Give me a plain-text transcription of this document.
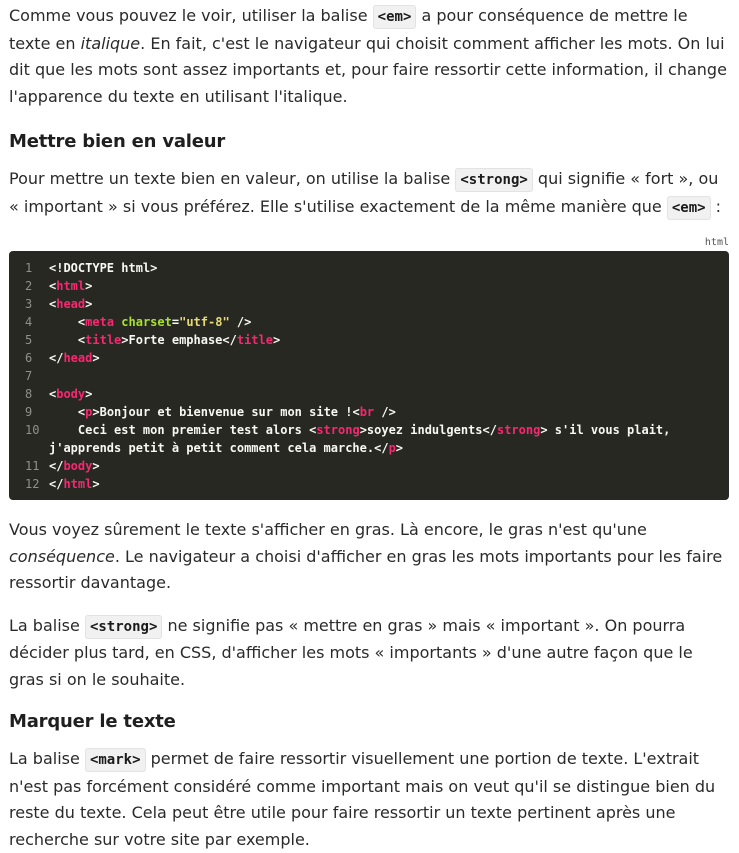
Comme vous pouvez le voir, utiliser la balise <em> a pour conséquence de mettre le texte en italique. En fait, c'est le navigateur qui choisit comment afficher les mots. On lui dit que les mots sont assez importants et, pour faire ressortir cette information, il change l'apparence du texte en utilisant l'italique.

Mettre bien en valeur

Pour mettre un texte bien en valeur, on utilise la balise <strong> qui signifie « fort », ou « important » si vous préférez. Elle s'utilise exactement de la même manière que <em> :

html
1	<!DOCTYPE html>
2	<html>
3	<head>
4	<meta charset="utf-8" />
5	<title>Forte emphase</title>
6	</head>
7

8	<body>
9	<p>Bonjour et bienvenue sur mon site !<br />
10 Ceci est mon premier test alors <strong>soyez indulgents</strong> s'il vous plait, j'apprends petit à petit comment cela marche.</p>
11 </body>
12 </html>

Vous voyez sûrement le texte s'afficher en gras. Là encore, le gras n'est qu'une conséquence. Le navigateur a choisi d'afficher en gras les mots importants pour les faire ressortir davantage.

La balise <strong> ne signifie pas « mettre en gras » mais « important ». On pourra décider plus tard, en CSS, d'afficher les mots « importants » d'une autre façon que le gras si on le souhaite.

Marquer le texte

La balise <mark> permet de faire ressortir visuellement une portion de texte. L'extrait n'est pas forcément considéré comme important mais on veut qu'il se distingue bien du reste du texte. Cela peut être utile pour faire ressortir un texte pertinent après une recherche sur votre site par exemple.
